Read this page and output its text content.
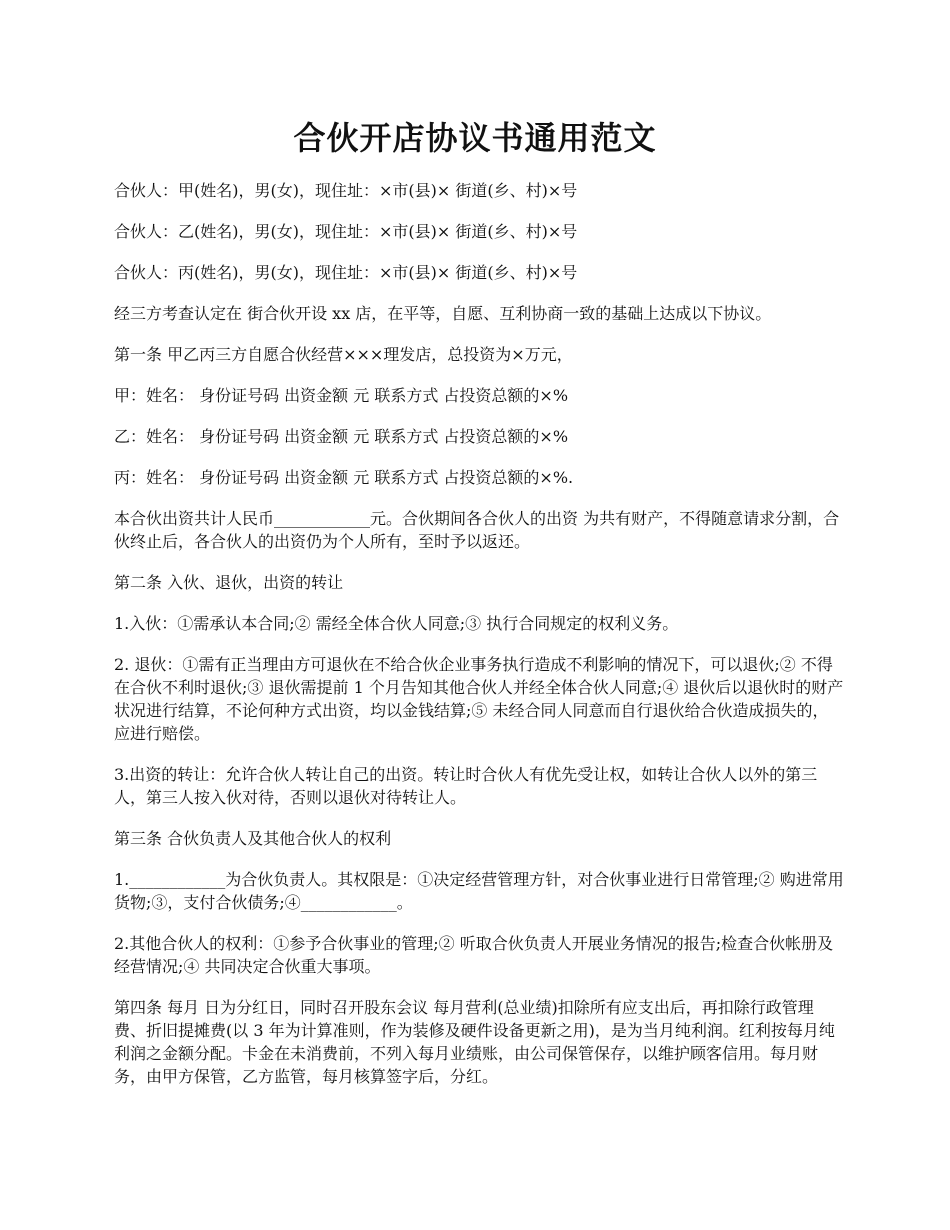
合伙开店协议书通用范文

合伙人：甲(姓名)，男(女)，现住址：×市(县)× 街道(乡、村)×号

合伙人：乙(姓名)，男(女)，现住址：×市(县)× 街道(乡、村)×号

合伙人：丙(姓名)，男(女)，现住址：×市(县)× 街道(乡、村)×号

经三方考查认定在 街合伙开设 xx 店，在平等，自愿、互利协商一致的基础上达成以下协议。

第一条 甲乙丙三方自愿合伙经营×××理发店，总投资为×万元，

甲：姓名： 身份证号码 出资金额 元 联系方式 占投资总额的×%

乙：姓名： 身份证号码 出资金额 元 联系方式 占投资总额的×%

丙：姓名： 身份证号码 出资金额 元 联系方式 占投资总额的×%.

本合伙出资共计人民币____________元。合伙期间各合伙人的出资 为共有财产，不得随意请求分割，合伙终止后，各合伙人的出资仍为个人所有，至时予以返还。

第二条 入伙、退伙，出资的转让

1.入伙：①需承认本合同;② 需经全体合伙人同意;③ 执行合同规定的权利义务。

2. 退伙：①需有正当理由方可退伙在不给合伙企业事务执行造成不利影响的情况下，可以退伙;② 不得在合伙不利时退伙;③ 退伙需提前 1 个月告知其他合伙人并经全体合伙人同意;④ 退伙后以退伙时的财产状况进行结算，不论何种方式出资，均以金钱结算;⑤ 未经合同人同意而自行退伙给合伙造成损失的，应进行赔偿。

3.出资的转让：允许合伙人转让自己的出资。转让时合伙人有优先受让权，如转让合伙人以外的第三人，第三人按入伙对待，否则以退伙对待转让人。

第三条 合伙负责人及其他合伙人的权利

1.____________为合伙负责人。其权限是：①决定经营管理方针，对合伙事业进行日常管理;② 购进常用货物;③，支付合伙债务;④____________。

2.其他合伙人的权利：①参予合伙事业的管理;② 听取合伙负责人开展业务情况的报告;检查合伙帐册及经营情况;④ 共同决定合伙重大事项。

第四条 每月 日为分红日，同时召开股东会议 每月营利(总业绩)扣除所有应支出后，再扣除行政管理费、折旧提摊费(以 3 年为计算准则，作为装修及硬件设备更新之用)，是为当月纯利润。红利按每月纯利润之金额分配。卡金在未消费前，不列入每月业绩账，由公司保管保存，以维护顾客信用。每月财务，由甲方保管，乙方监管，每月核算签字后，分红。
